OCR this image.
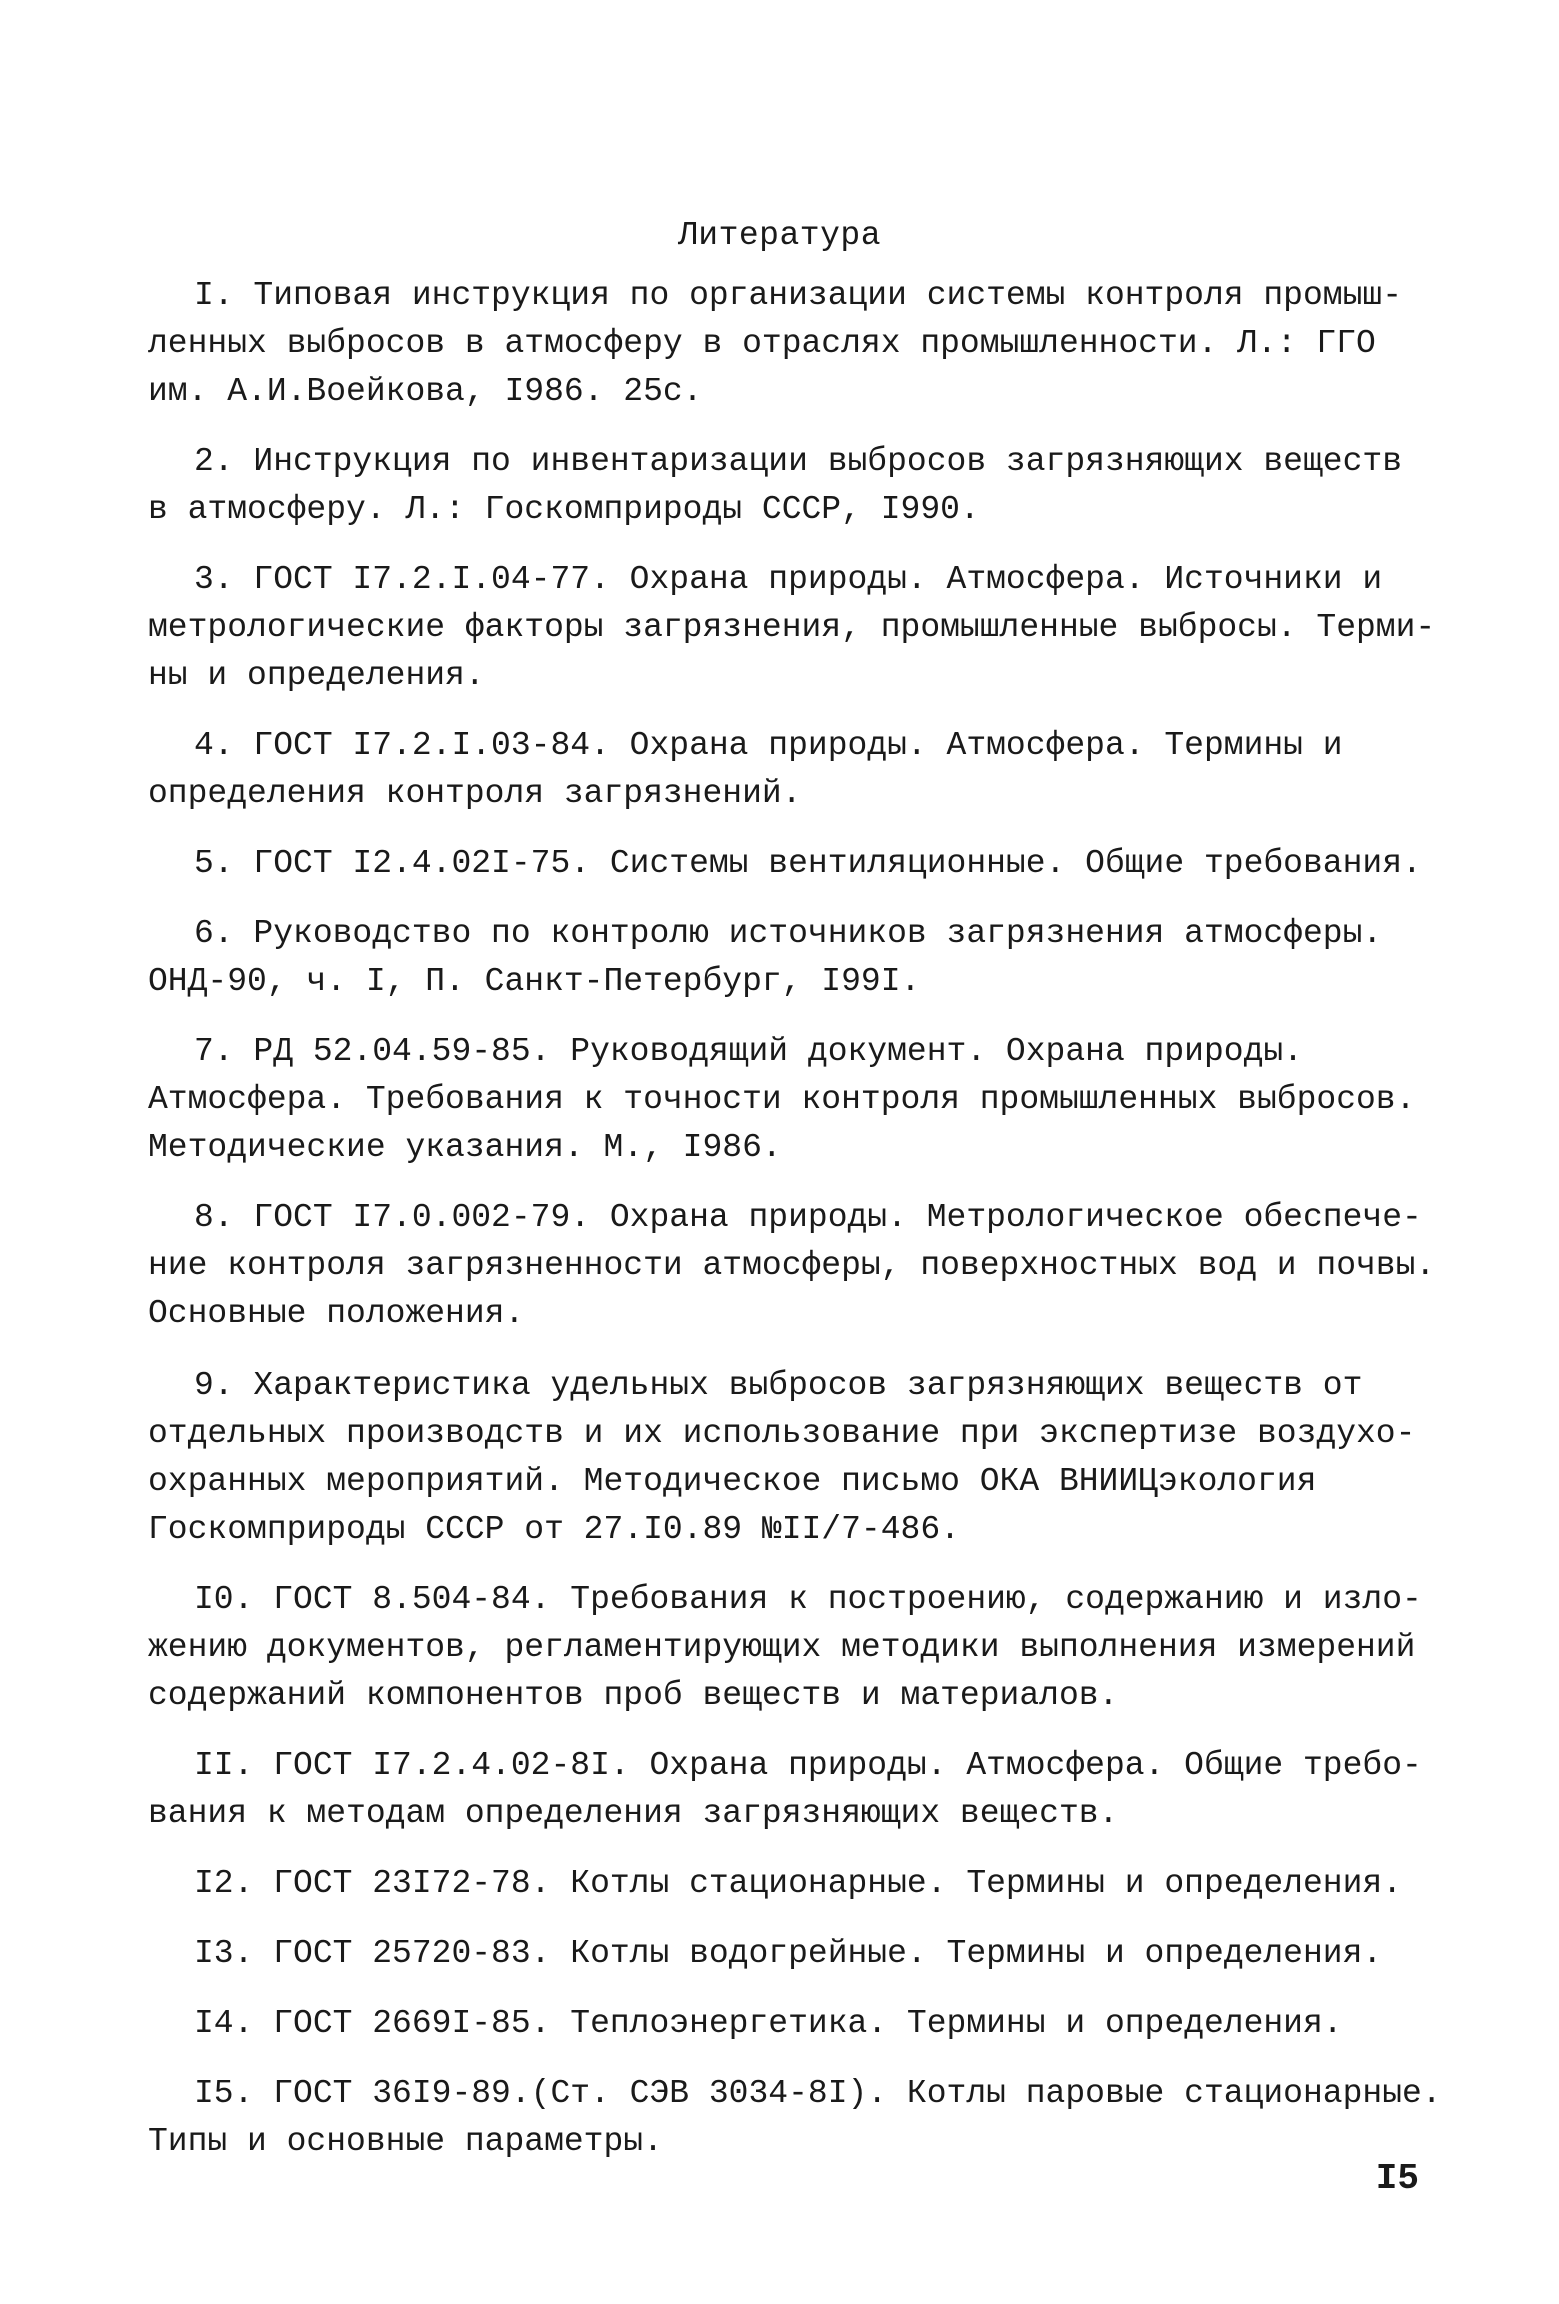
Литература
I. Типовая инструкция по организации системы контроля промыш-
ленных выбросов в атмосферу в отраслях промышленности. Л.: ГГО
им. А.И.Воейкова, I986. 25с.
2. Инструкция по инвентаризации выбросов загрязняющих веществ
в атмосферу. Л.: Госкомприроды СССР, I990.
3. ГОСТ I7.2.I.04-77. Охрана природы. Атмосфера. Источники и
метрологические факторы загрязнения, промышленные выбросы. Терми-
ны и определения.
4. ГОСТ I7.2.I.03-84. Охрана природы. Атмосфера. Термины и
определения контроля загрязнений.
5. ГОСТ I2.4.02I-75. Системы вентиляционные. Общие требования.
6. Руководство по контролю источников загрязнения атмосферы.
ОНД-90, ч. I, П. Санкт-Петербург, I99I.
7. РД 52.04.59-85. Руководящий документ. Охрана природы.
Атмосфера. Требования к точности контроля промышленных выбросов.
Методические указания. М., I986.
8. ГОСТ I7.0.002-79. Охрана природы. Метрологическое обеспече-
ние контроля загрязненности атмосферы, поверхностных вод и почвы.
Основные положения.
9. Характеристика удельных выбросов загрязняющих веществ от
отдельных производств и их использование при экспертизе воздухо-
охранных мероприятий. Методическое письмо ОКА ВНИИЦэкология
Госкомприроды СССР от 27.I0.89 №II/7-486.
I0. ГОСТ 8.504-84. Требования к построению, содержанию и изло-
жению документов, регламентирующих методики выполнения измерений
содержаний компонентов проб веществ и материалов.
II. ГОСТ I7.2.4.02-8I. Охрана природы. Атмосфера. Общие требо-
вания к методам определения загрязняющих веществ.
I2. ГОСТ 23I72-78. Котлы стационарные. Термины и определения.
I3. ГОСТ 25720-83. Котлы водогрейные. Термины и определения.
I4. ГОСТ 2669I-85. Теплоэнергетика. Термины и определения.
I5. ГОСТ 36I9-89.(Ст. СЭВ 3034-8I). Котлы паровые стационарные.
Типы и основные параметры.
I5
